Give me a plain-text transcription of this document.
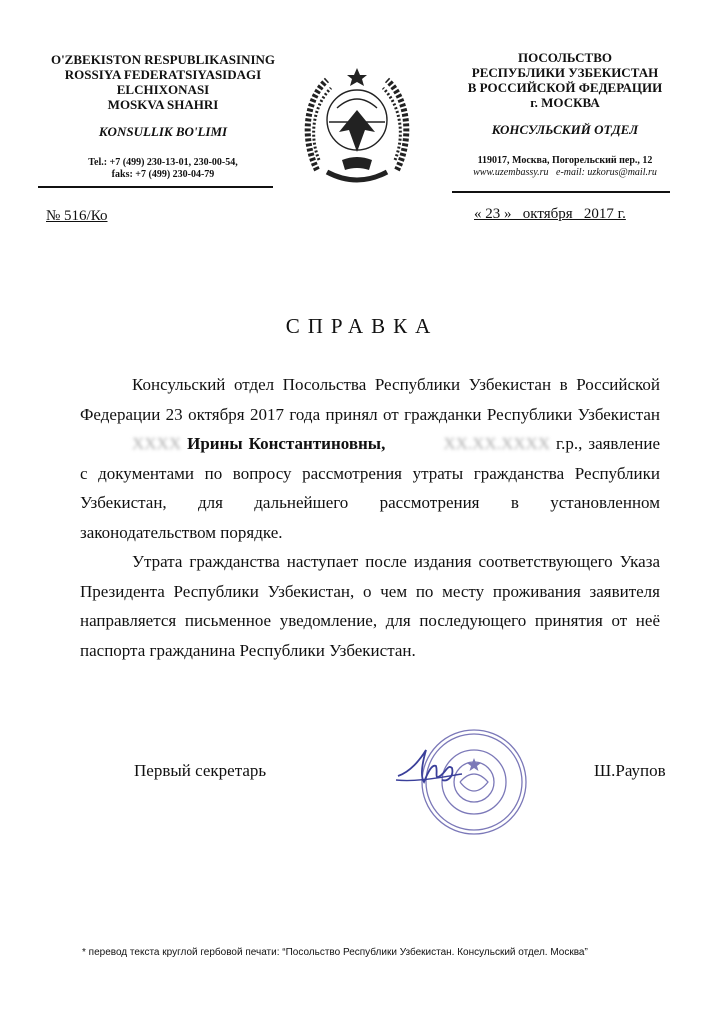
O'ZBEKISTON RESPUBLIKASINING
ROSSIYA FEDERATSIYASIDAGI
ELCHIXONASI
MOSKVA SHAHRI
KONSULLIK BO'LIMI
Tel.: +7 (499) 230-13-01, 230-00-54,
faks: +7 (499) 230-04-79
ПОСОЛЬСТВО
РЕСПУБЛИКИ УЗБЕКИСТАН
В РОССИЙСКОЙ ФЕДЕРАЦИИ
г. МОСКВА
КОНСУЛЬСКИЙ ОТДЕЛ
119017, Москва, Погорельский пер., 12
www.uzembassy.ru e-mail: uzkorus@mail.ru
№ 516/Ко	« 23 »   октября   2017 г.
СПРАВКА

Консульский отдел Посольства Республики Узбекистан в Российской Федерации 23 октября 2017 года принял от гражданки Республики Узбекистан ХХХХ Ирины Константиновны,	ХХ.ХХ.ХХХХ г.р., заявление с документами по вопросу рассмотрения утраты гражданства Республики Узбекистан, для дальнейшего рассмотрения в установленном законодательством порядке.

Утрата гражданства наступает после издания соответствующего Указа Президента Республики Узбекистан, о чем по месту проживания заявителя направляется письменное уведомление, для последующего принятия от неё паспорта гражданина Республики Узбекистан.

Первый секретарь	Ш.Раупов
* перевод текста круглой гербовой печати: “Посольство Республики Узбекистан. Консульский отдел. Москва”
